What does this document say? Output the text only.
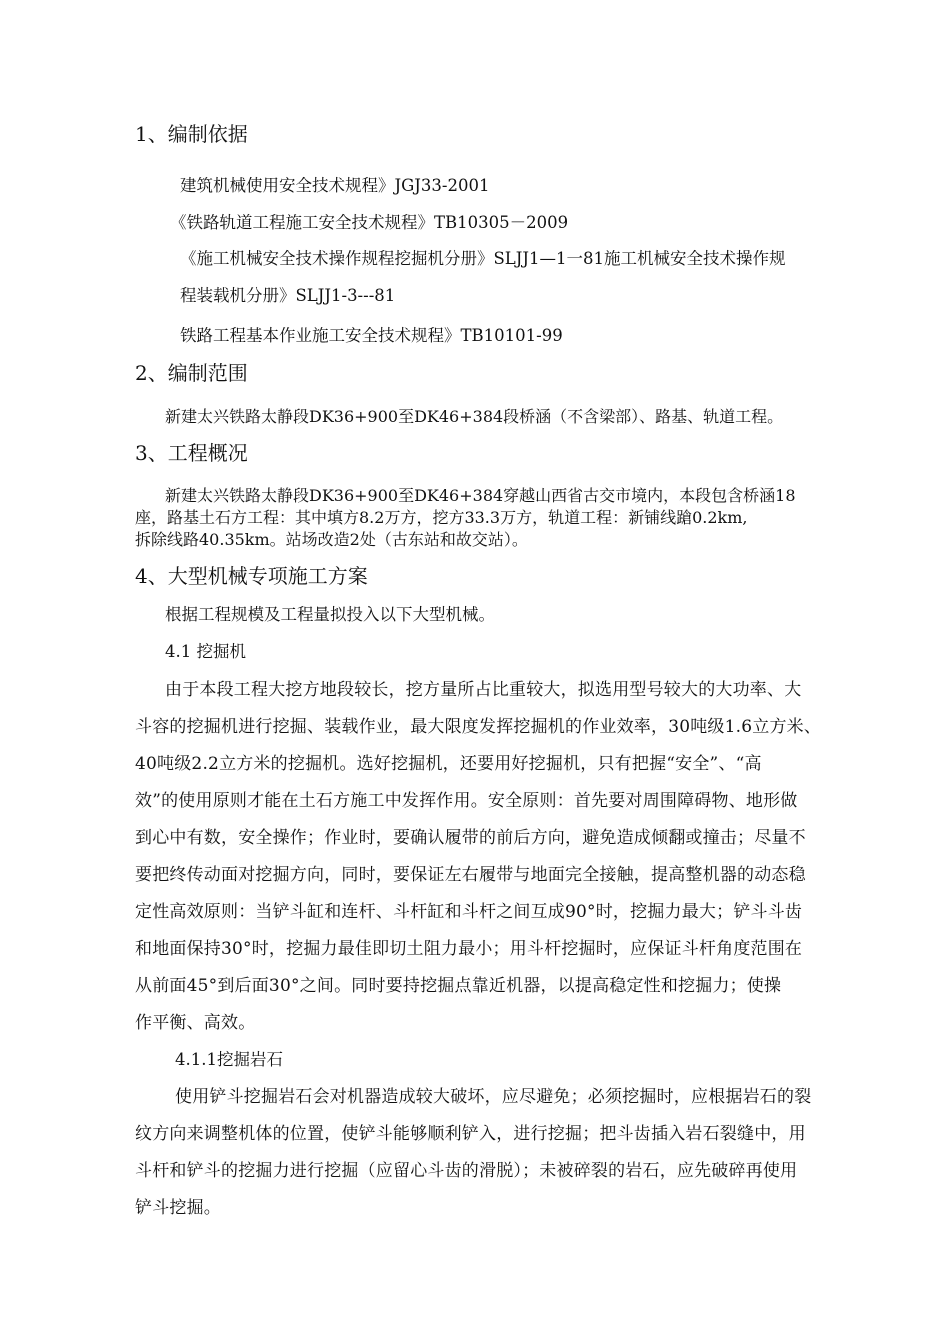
1、编制依据
建筑机械使用安全技术规程》JGJ33-2001
《铁路轨道工程施工安全技术规程》TB10305－2009
《施工机械安全技术操作规程挖掘机分册》SLJJ1—1一81施工机械安全技术操作规
程装载机分册》SLJJ1-3---81
铁路工程基本作业施工安全技术规程》TB10101-99
2、编制范围
新建太兴铁路太静段DK36+900至DK46+384段桥涵（不含梁部）、路基、轨道工程。
3、工程概况
新建太兴铁路太静段DK36+900至DK46+384穿越山西省古交市境内，本段包含桥涵18
座，路基土石方工程：其中填方8.2万方，挖方33.3万方，轨道工程：新铺线蹌0.2km,
拆除线路40.35km。站场改造2处（古东站和故交站）。
4、大型机械专项施工方案
根据工程规模及工程量拟投入以下大型机械。
4.1 挖掘机
由于本段工程大挖方地段较长，挖方量所占比重较大，拟选用型号较大的大功率、大
斗容的挖掘机进行挖掘、装载作业，最大限度发挥挖掘机的作业效率，30吨级1.6立方米、
40吨级2.2立方米的挖掘机。选好挖掘机，还要用好挖掘机，只有把握“安全”、“高
效”的使用原则才能在土石方施工中发挥作用。安全原则：首先要对周围障碍物、地形做
到心中有数，安全操作；作业时，要确认履带的前后方向，避免造成倾翻或撞击；尽量不
要把终传动面对挖掘方向，同时，要保证左右履带与地面完全接触，提高整机器的动态稳
定性高效原则：当铲斗缸和连杆、斗杆缸和斗杆之间互成90°时，挖掘力最大；铲斗斗齿
和地面保持30°时，挖掘力最佳即切土阻力最小；用斗杆挖掘时，应保证斗杆角度范围在
从前面45°到后面30°之间。同时要持挖掘点靠近机器，以提高稳定性和挖掘力；使操
作平衡、高效。
4.1.1挖掘岩石
使用铲斗挖掘岩石会对机器造成较大破坏，应尽避免；必须挖掘时，应根据岩石的裂
纹方向来调整机体的位置，使铲斗能够顺利铲入，进行挖掘；把斗齿插入岩石裂缝中，用
斗杆和铲斗的挖掘力进行挖掘（应留心斗齿的滑脱）；未被碎裂的岩石，应先破碎再使用
铲斗挖掘。
